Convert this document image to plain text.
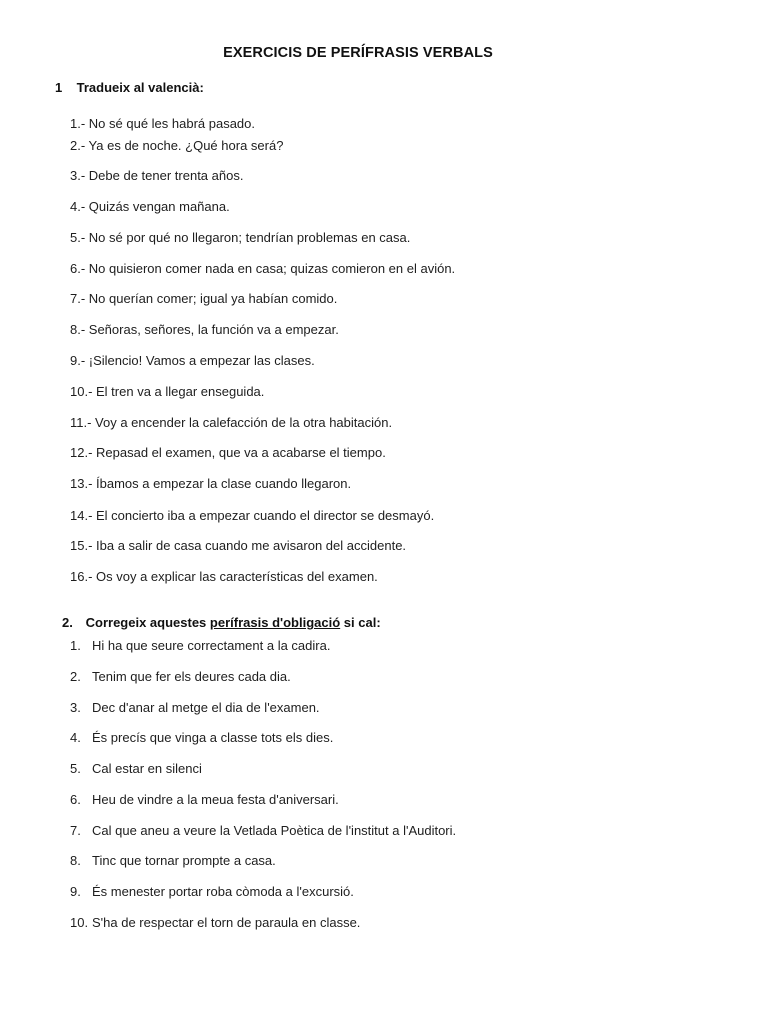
EXERCICIS DE PERÍFRASIS VERBALS
1 Tradueix al valencià:
1.- No sé qué les habrá pasado.
2.- Ya es de noche. ¿Qué hora será?
3.- Debe de tener trenta años.
4.- Quizás vengan mañana.
5.- No sé por qué no llegaron; tendrían problemas en casa.
6.- No quisieron comer nada en casa; quizas comieron en el avión.
7.- No querían comer; igual ya habían comido.
8.- Señoras, señores, la función va a empezar.
9.- ¡Silencio! Vamos a empezar las clases.
10.- El tren va a llegar enseguida.
11.- Voy a encender la calefacción de la otra habitación.
12.- Repasad el examen, que va a acabarse el tiempo.
13.- Íbamos a empezar la clase cuando llegaron.
14.- El concierto iba a empezar cuando el director se desmayó.
15.- Iba a salir de casa cuando me avisaron del accidente.
16.- Os voy a explicar las características del examen.
2. Corregeix aquestes perífrasis d'obligació si cal:
1. Hi ha que seure correctament a la cadira.
2. Tenim que fer els deures cada dia.
3. Dec d'anar al metge el dia de l'examen.
4. És precís que vinga a classe tots els dies.
5. Cal estar en silenci
6. Heu de vindre a la meua festa d'aniversari.
7. Cal que aneu a veure la Vetlada Poètica de l'institut a l'Auditori.
8. Tinc que tornar prompte a casa.
9. És menester portar roba còmoda a l'excursió.
10. S'ha de respectar el torn de paraula en classe.
